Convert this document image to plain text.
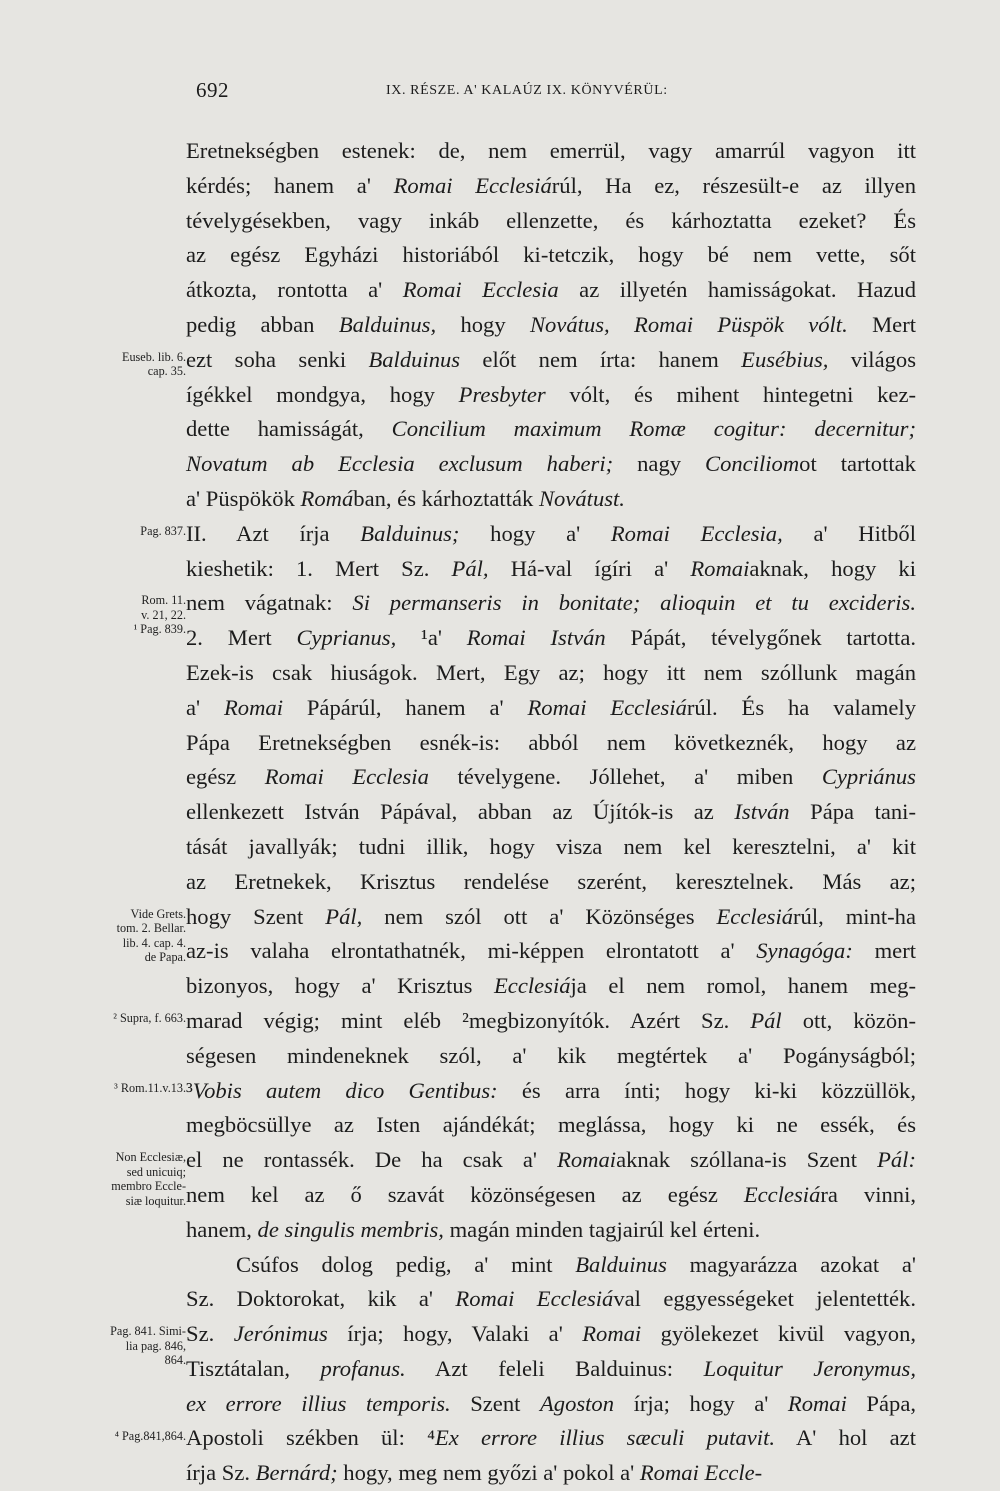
692	IX. RÉSZE. A' KALAÚZ IX. KÖNYVÉRÜL:
Eretnekségben estenek: de, nem emerrül, vagy amarrúl vagyon itt
kérdés; hanem a' Romai Ecclesiárúl, Ha ez, részesült-e az illyen
tévelygésekben, vagy inkáb ellenzette, és kárhoztatta ezeket? És
az egész Egyházi historiából ki-tetczik, hogy bé nem vette, sőt
átkozta, rontotta a' Romai Ecclesia az illyetén hamisságokat. Hazud
pedig abban Balduinus, hogy Novátus, Romai Püspök vólt. Mert
ezt soha senki Balduinus előt nem írta: hanem Eusébius, világos
ígékkel mondgya, hogy Presbyter vólt, és mihent hintegetni kez-
dette hamisságát, Concilium maximum Romæ cogitur: decernitur;
Novatum ab Ecclesia exclusum haberi; nagy Conciliomot tartottak
a' Püspökök Romában, és kárhoztatták Novátust.
II. Azt írja Balduinus; hogy a' Romai Ecclesia, a' Hitből
kieshetik: 1. Mert Sz. Pál, Há-val ígíri a' Romaiaknak, hogy ki
nem vágatnak: Si permanseris in bonitate; alioquin et tu excideris.
2. Mert Cyprianus, ¹a' Romai István Pápát, tévelygőnek tartotta.
Ezek-is csak hiuságok. Mert, Egy az; hogy itt nem szóllunk magán
a' Romai Pápárúl, hanem a' Romai Ecclesiárúl. És ha valamely
Pápa Eretnekségben esnék-is: abból nem következnék, hogy az
egész Romai Ecclesia tévelygene. Jóllehet, a' miben Cypriánus
ellenkezett István Pápával, abban az Újítók-is az István Pápa tani-
tását javallyák; tudni illik, hogy visza nem kel keresztelni, a' kit
az Eretnekek, Krisztus rendelése szerént, keresztelnek. Más az;
hogy Szent Pál, nem szól ott a' Közönséges Ecclesiárúl, mint-ha
az-is valaha elrontathatnék, mi-képpen elrontatott a' Synagóga: mert
bizonyos, hogy a' Krisztus Ecclesiája el nem romol, hanem meg-
marad végig; mint eléb ²megbizonyítók. Azért Sz. Pál ott, közön-
ségesen mindeneknek szól, a' kik megtértek a' Pogányságból;
³Vobis autem dico Gentibus: és arra ínti; hogy ki-ki közzüllök,
megböcsüllye az Isten ajándékát; meglássa, hogy ki ne essék, és
el ne rontassék. De ha csak a' Romaiaknak szóllana-is Szent Pál:
nem kel az ő szavát közönségesen az egész Ecclesiára vinni,
hanem, de singulis membris, magán minden tagjairúl kel érteni.
Csúfos dolog pedig, a' mint Balduinus magyarázza azokat a'
Sz. Doktorokat, kik a' Romai Ecclesiával eggyességeket jelentették.
Sz. Jerónimus írja; hogy, Valaki a' Romai gyölekezet kivül vagyon,
Tisztátalan, profanus. Azt feleli Balduinus: Loquitur Jeronymus,
ex errore illius temporis. Szent Agoston írja; hogy a' Romai Pápa,
Apostoli székben ül: ⁴Ex errore illius sæculi putavit. A' hol azt
írja Sz. Bernárd; hogy, meg nem győzi a' pokol a' Romai Eccle-
Euseb. lib. 6.
cap. 35.
Pag. 837.
Rom. 11.
v. 21, 22.
¹ Pag. 839.
Vide Grets.
tom. 2. Bellar.
lib. 4. cap. 4.
de Papa.
² Supra, f. 663.
³ Rom.11.v.13.
Non Ecclesiæ,
sed unicuiq;
membro Eccle-
siæ loquitur.
Pag. 841. Simi-
lia pag. 846,
864.
⁴ Pag.841,864.
